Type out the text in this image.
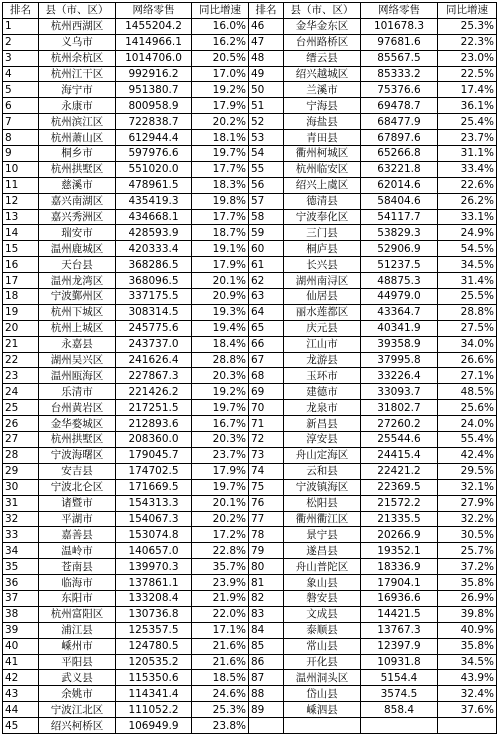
排名	县（市、区）	网络零售	同比增速	排名	县（市、区）	网络零售	同比增速
1	杭州西湖区	1455204.2	16.0%	46	金华金东区	101678.3	25.3%
2	义乌市	1414966.1	16.2%	47	台州路桥区	97681.6	22.3%
3	杭州余杭区	1014706.0	20.5%	48	缙云县	85567.5	23.0%
4	杭州江干区	992916.2	17.0%	49	绍兴越城区	85333.2	22.5%
5	海宁市	951380.7	19.2%	50	兰溪市	75376.6	17.4%
6	永康市	800958.9	17.9%	51	宁海县	69478.7	36.1%
7	杭州滨江区	722838.7	20.2%	52	海盐县	68477.9	25.4%
8	杭州萧山区	612944.4	18.1%	53	青田县	67897.6	23.7%
9	桐乡市	597976.6	19.7%	54	衢州柯城区	65266.8	31.1%
10	杭州拱墅区	551020.0	17.7%	55	杭州临安区	63221.8	33.4%
11	慈溪市	478961.5	18.3%	56	绍兴上虞区	62014.6	22.6%
12	嘉兴南湖区	435419.3	19.8%	57	德清县	58404.6	26.2%
13	嘉兴秀洲区	434668.1	17.7%	58	宁波奉化区	54117.7	33.1%
14	瑞安市	428593.9	18.7%	59	三门县	53829.3	24.9%
15	温州鹿城区	420333.4	19.1%	60	桐庐县	52906.9	54.5%
16	天台县	368286.5	17.9%	61	长兴县	51237.5	34.5%
17	温州龙湾区	368096.5	20.1%	62	湖州南浔区	48875.3	31.4%
18	宁波鄞州区	337175.5	20.9%	63	仙居县	44979.0	25.5%
19	杭州下城区	308314.5	19.3%	64	丽水莲都区	43364.7	28.8%
20	杭州上城区	245775.6	19.4%	65	庆元县	40341.9	27.5%
21	永嘉县	243737.0	18.4%	66	江山市	39358.9	34.0%
22	湖州吴兴区	241626.4	28.8%	67	龙游县	37995.8	26.6%
23	温州瓯海区	227867.3	20.3%	68	玉环市	33226.4	27.1%
24	乐清市	221426.2	19.2%	69	建德市	33093.7	48.5%
25	台州黄岩区	217251.5	19.7%	70	龙泉市	31802.7	25.6%
26	金华婺城区	212893.6	16.7%	71	新昌县	27260.2	24.0%
27	杭州拱墅区	208360.0	20.3%	72	淳安县	25544.6	55.4%
28	宁波海曙区	179045.7	23.7%	73	舟山定海区	24415.4	42.4%
29	安吉县	174702.5	17.9%	74	云和县	22421.2	29.5%
30	宁波北仑区	171669.5	19.7%	75	宁波镇海区	22369.5	32.1%
31	诸暨市	154313.3	20.1%	76	松阳县	21572.2	27.9%
32	平湖市	154067.3	20.2%	77	衢州衢江区	21335.5	32.2%
33	嘉善县	153074.8	17.2%	78	景宁县	20266.9	30.5%
34	温岭市	140657.0	22.8%	79	遂昌县	19352.1	25.7%
35	苍南县	139970.3	35.7%	80	舟山普陀区	18336.9	37.2%
36	临海市	137861.1	23.9%	81	象山县	17904.1	35.8%
37	东阳市	133208.4	21.9%	82	磐安县	16936.6	26.9%
38	杭州富阳区	130736.8	22.0%	83	文成县	14421.5	39.8%
39	浦江县	125357.5	17.1%	84	泰顺县	13767.3	40.9%
40	嵊州市	124780.5	21.6%	85	常山县	12397.9	35.8%
41	平阳县	120535.2	21.6%	86	开化县	10931.8	34.5%
42	武义县	115350.6	18.5%	87	温州洞头区	5154.4	43.9%
43	余姚市	114341.4	24.6%	88	岱山县	3574.5	32.4%
44	宁波江北区	111052.2	25.3%	89	嵊泗县	858.4	37.6%
45	绍兴柯桥区	106949.9	23.8%				
